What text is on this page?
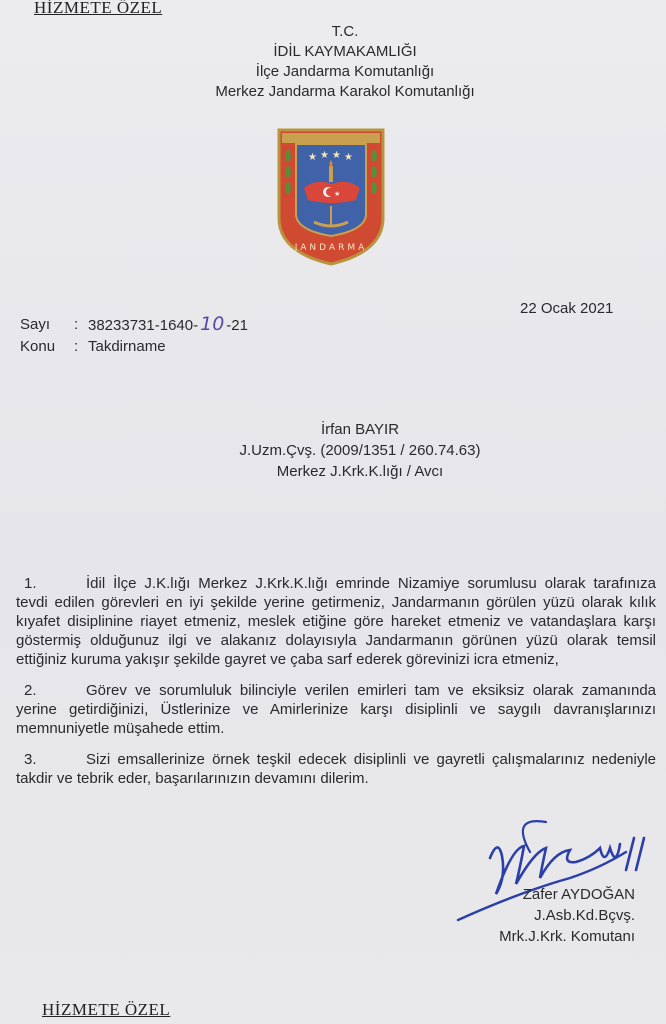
HİZMETE ÖZEL
T.C.
İDİL KAYMAKAMLIĞI
İlçe Jandarma Komutanlığı
Merkez Jandarma Karakol Komutanlığı
★ ★ ★ ★
★
JANDARMA
22 Ocak 2021
Sayı	: 38233731-1640- 10 -21
Konu	: Takdirname
İrfan BAYIR
J.Uzm.Çvş. (2009/1351 / 260.74.63)
Merkez J.Krk.K.lığı / Avcı
1.	İdil İlçe J.K.lığı Merkez J.Krk.K.lığı emrinde Nizamiye sorumlusu olarak tarafınıza tevdi edilen görevleri en iyi şekilde yerine getirmeniz, Jandarmanın görülen yüzü olarak kılık kıyafet disiplinine riayet etmeniz, meslek etiğine göre hareket etmeniz ve vatandaşlara karşı göstermiş olduğunuz ilgi ve alakanız dolayısıyla Jandarmanın görünen yüzü olarak temsil ettiğiniz kuruma yakışır şekilde gayret ve çaba sarf ederek görevinizi icra etmeniz,
2.	Görev ve sorumluluk bilinciyle verilen emirleri tam ve eksiksiz olarak zamanında yerine getirdiğinizi, Üstlerinize ve Amirlerinize karşı disiplinli ve saygılı davranışlarınızı memnuniyetle müşahede ettim.
3.	Sizi emsallerinize örnek teşkil edecek disiplinli ve gayretli çalışmalarınız nedeniyle takdir ve tebrik eder, başarılarınızın devamını dilerim.
Zafer AYDOĞAN
J.Asb.Kd.Bçvş.
Mrk.J.Krk. Komutanı
HİZMETE ÖZEL
